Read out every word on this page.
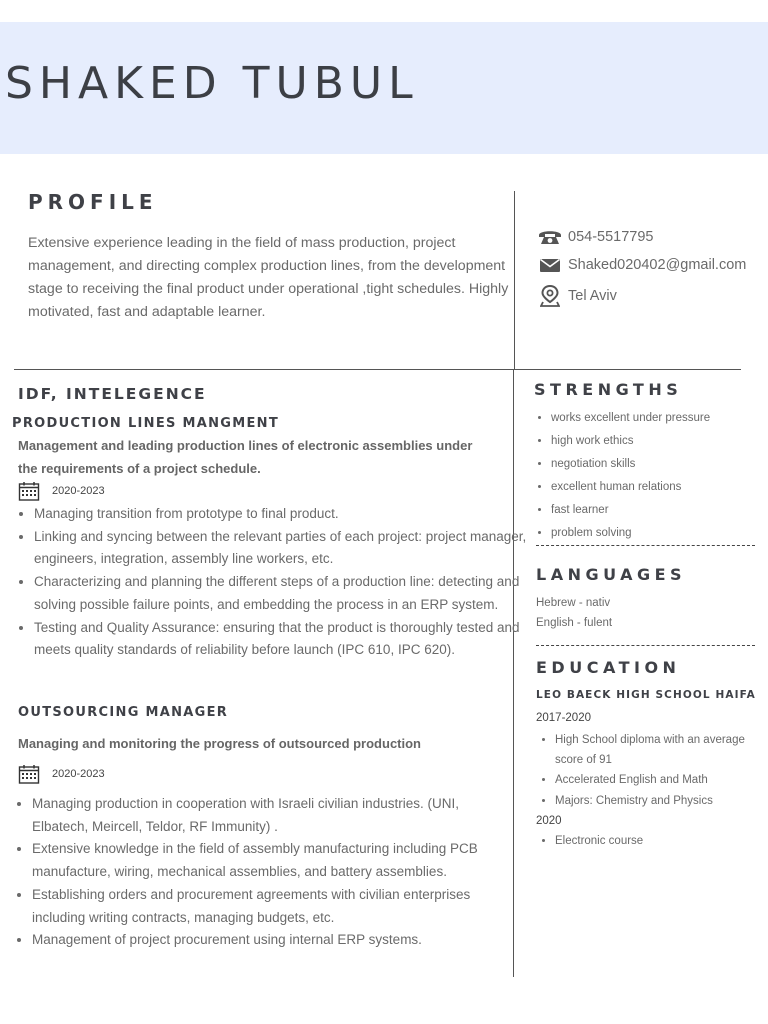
SHAKED TUBUL
PROFILE

Extensive experience leading in the field of mass production, project management, and directing complex production lines, from the development stage to receiving the final product under operational ,tight schedules. Highly motivated, fast and adaptable learner.

054-5517795
Shaked020402@gmail.com
Tel Aviv
IDF, INTELEGENCE
PRODUCTION LINES MANGMENT

Management and leading production lines of electronic assemblies under the requirements of a project schedule.

2020-2023
• Managing transition from prototype to final product.
• Linking and syncing between the relevant parties of each project: project manager, engineers, integration, assembly line workers, etc.
• Characterizing and planning the different steps of a production line: detecting and solving possible failure points, and embedding the process in an ERP system.
• Testing and Quality Assurance: ensuring that the product is thoroughly tested and meets quality standards of reliability before launch (IPC 610, IPC 620).
OUTSOURCING MANAGER

Managing and monitoring the progress of outsourced production

2020-2023
• Managing production in cooperation with Israeli civilian industries. (UNI, Elbatech, Meircell, Teldor, RF Immunity) .
• Extensive knowledge in the field of assembly manufacturing including PCB manufacture, wiring, mechanical assemblies, and battery assemblies.
• Establishing orders and procurement agreements with civilian enterprises including writing contracts, managing budgets, etc.
• Management of project procurement using internal ERP systems.
STRENGTHS
• works excellent under pressure
• high work ethics
• negotiation skills
• excellent human relations
• fast learner
• problem solving
LANGUAGES

Hebrew - nativ

English - fulent

EDUCATION

LEO BAECK HIGH SCHOOL HAIFA

2017-2020

• High School diploma with an average score of 91
• Accelerated English and Math
• Majors: Chemistry and Physics

2020

• Electronic course
